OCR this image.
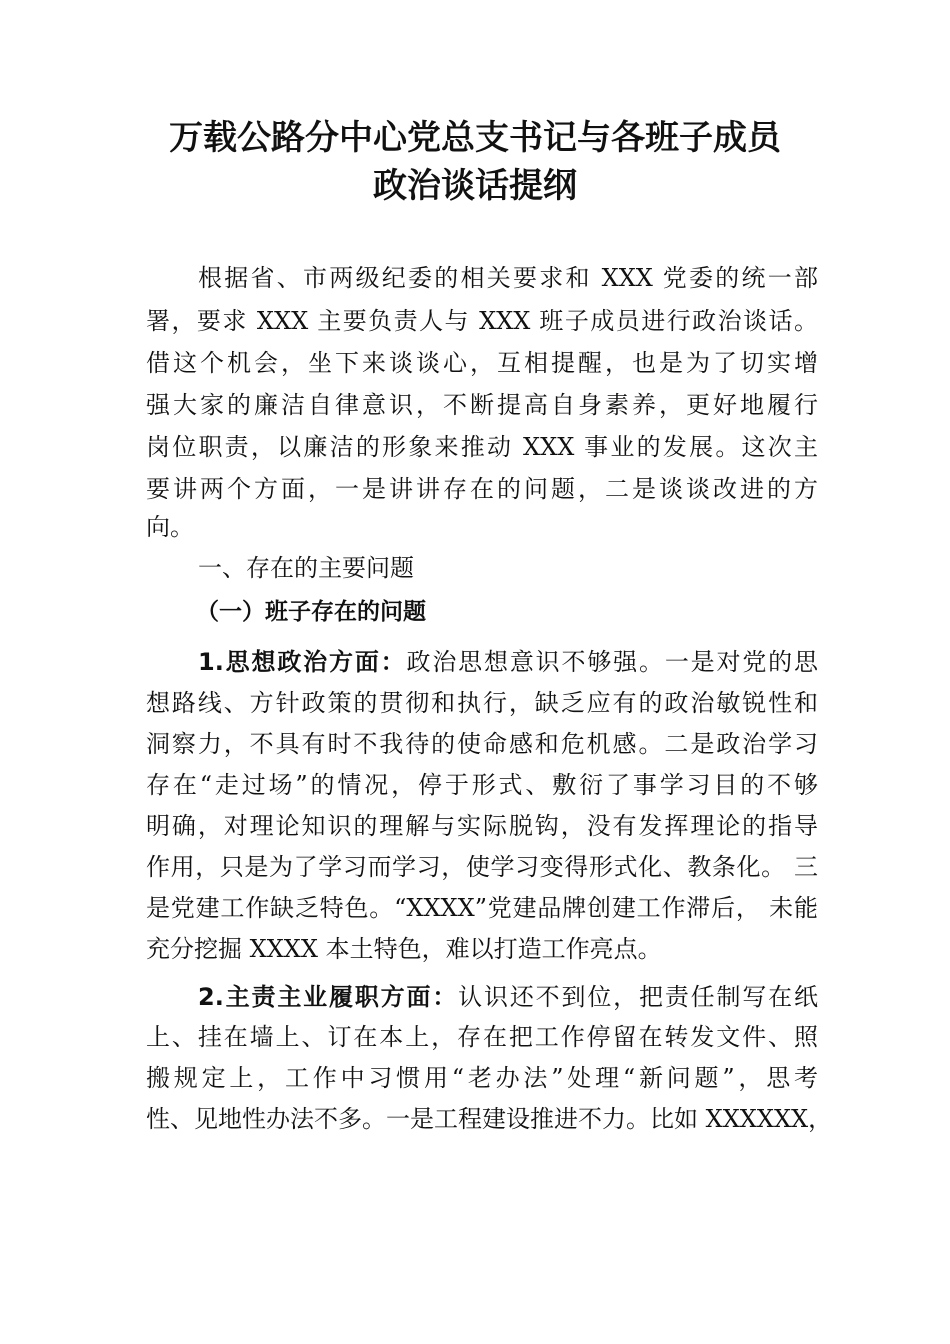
万载公路分中心党总支书记与各班子成员
政治谈话提纲
根据省、市两级纪委的相关要求和 XXX 党委的统一部
署，要求 XXX 主要负责人与 XXX 班子成员进行政治谈话。
借这个机会，坐下来谈谈心，互相提醒，也是为了切实增
强大家的廉洁自律意识，不断提高自身素养，更好地履行
岗位职责，以廉洁的形象来推动 XXX 事业的发展。这次主
要讲两个方面，一是讲讲存在的问题，二是谈谈改进的方
向。
一、存在的主要问题
（一）班子存在的问题
1.思想政治方面：政治思想意识不够强。一是对党的思
想路线、方针政策的贯彻和执行，缺乏应有的政治敏锐性和
洞察力，不具有时不我待的使命感和危机感。二是政治学习
存在“走过场”的情况，停于形式、敷衍了事学习目的不够
明确，对理论知识的理解与实际脱钩，没有发挥理论的指导
作用，只是为了学习而学习，使学习变得形式化、教条化。 三
是党建工作缺乏特色。“XXXX”党建品牌创建工作滞后， 未能
充分挖掘 XXXX 本土特色，难以打造工作亮点。
2.主责主业履职方面：认识还不到位，把责任制写在纸
上、挂在墙上、订在本上，存在把工作停留在转发文件、照
搬规定上，工作中习惯用“老办法”处理“新问题”，思考
性、见地性办法不多。一是工程建设推进不力。比如 XXXXXX，
